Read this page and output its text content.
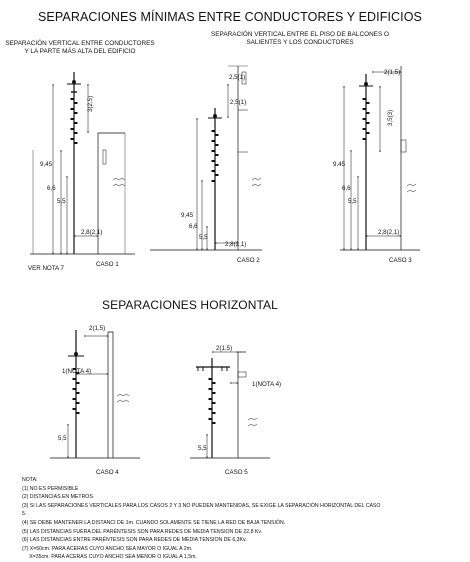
SEPARACIONES MÍNIMAS ENTRE CONDUCTORES Y EDIFICIOS
SEPARACIÓN VERTICAL ENTRE CONDUCTORES
Y LA PARTE MÁS ALTA DEL EDIFICIO
SEPARACIÓN VERTICAL ENTRE EL PISO DE BALCONES O
SALIENTES Y LOS CONDUCTORES
SEPARACIONES HORIZONTAL
3(2,5)
9,45
6,6
5,5
2,8(2,1)
CASO 1
VER NOTA 7
2,5(1)
2,5(1)
9,45
6,6
5,5
2,8(2,1)
CASO 2
2(1,5)
3,5(3)
9,45
6,6
5,5
2,8(2,1)
CASO 3
2(1,5)
1(NOTA 4)
5,5
CASO 4
2(1,5)
1(NOTA 4)
5,5
CASO 5
NOTA:
(1) NO ES PERMISIBLE
(2) DISTANCIAS EN METROS.
(3) SI LAS SEPARACIONES VERTICALES PARA LOS CASOS 2 Y 3 NO PUEDEN MANTENIDAS, SE EXIGE LA SEPARACIÓN HORIZONTAL DEL CASO
5.
(4) SE DEBE MANTENER LA DISTANCI DE 1m. CUANDO SOLAMENTE SE TIENE LA RED DE BAJA TENSIÓN.
(5) LAS DISTANCIAS FUERA DEL PARÉNTESIS SON PARA REDES DE MEDIA TENSION DE 22,8 Kv.
(6) LAS DISTANCIAS ENTRE PARÉNTESIS SON PARA REDES DE MEDIA TENSION DE 6,3Kv.
(7) X=50cm. PARA ACERAS CUYO ANCHO SEA MAYOR O IGUAL A 2m.
X=35cm. PARA ACERAS CUYO ANCHO SEA MENOR O IGUAL A 1,5m.
